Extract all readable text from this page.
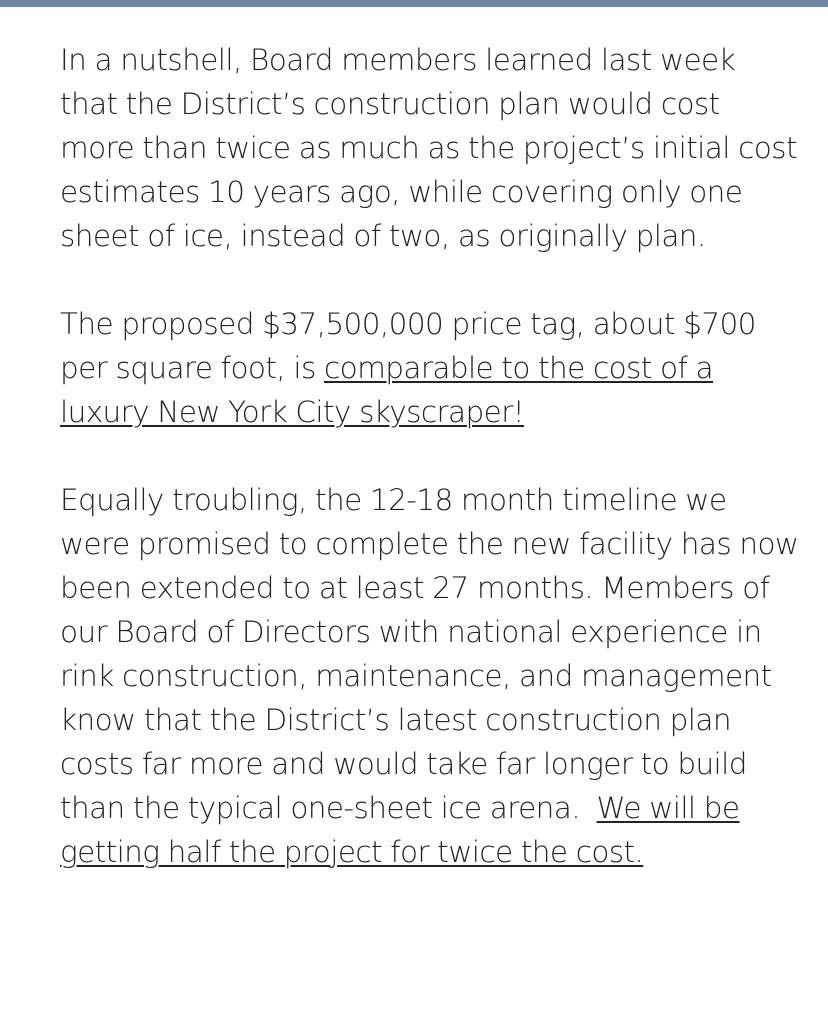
In a nutshell, Board members learned last week that the District’s construction plan would cost more than twice as much as the project’s initial cost estimates 10 years ago, while covering only one sheet of ice, instead of two, as originally plan.

The proposed $37,500,000 price tag, about $700 per square foot, is comparable to the cost of a luxury New York City skyscraper!

Equally troubling, the 12-18 month timeline we were promised to complete the new facility has now been extended to at least 27 months. Members of our Board of Directors with national experience in rink construction, maintenance, and management know that the District’s latest construction plan costs far more and would take far longer to build than the typical one-sheet ice arena.  We will be getting half the project for twice the cost.
